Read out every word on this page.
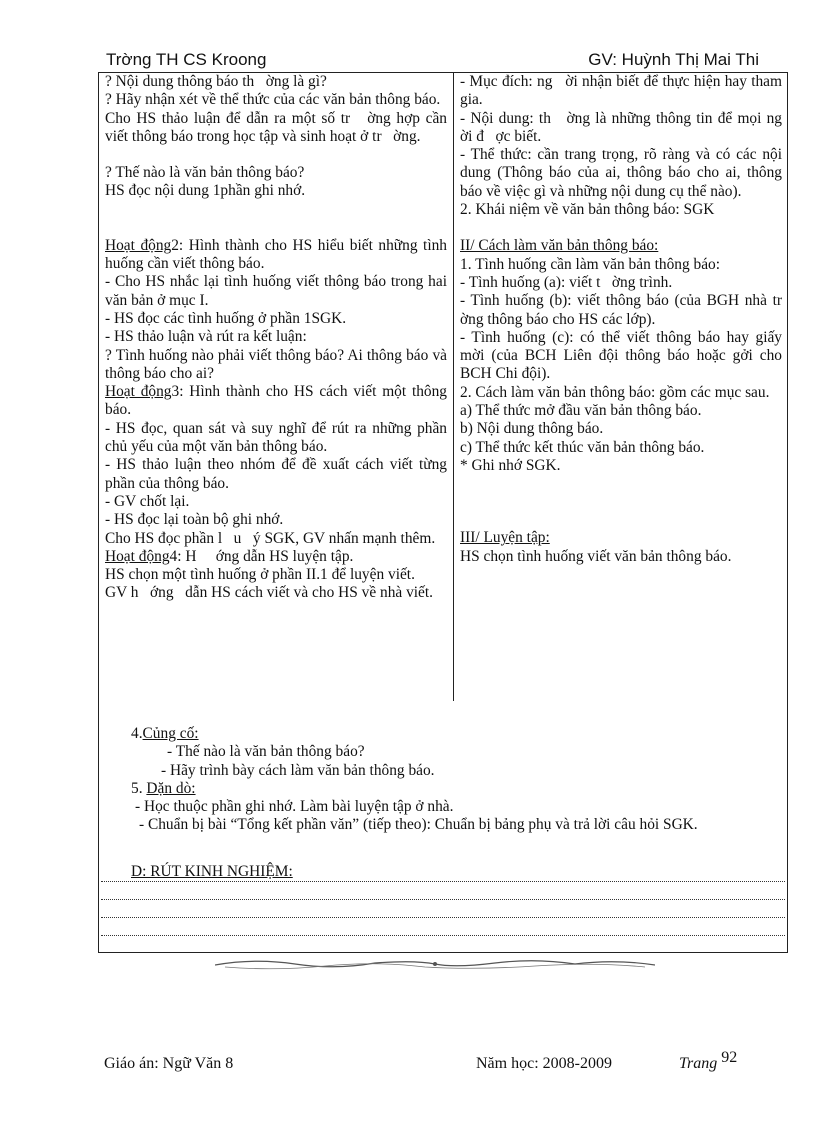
Trờng TH CS Kroong	GV: Huỳnh Thị Mai Thi

? Nội dung thông báo th   ờng là gì?

? Hãy nhận xét về thể thức của các văn bản thông báo.

Cho HS thảo luận để dẫn ra một số tr   ờng hợp cần viết thông báo trong học tập và sinh hoạt ở tr   ờng.

? Thế nào là văn bản thông báo?

HS đọc nội dung 1phần ghi nhớ.

Hoạt động2: Hình thành cho HS hiểu biết những tình huống cần viết thông báo.

- Cho HS nhắc lại tình huống viết thông báo trong hai văn bản ở mục I.

- HS đọc các tình huống ở phần 1SGK.

- HS thảo luận và rút ra kết luận:

? Tình huống nào phải viết thông báo? Ai thông báo và thông báo cho ai?

Hoạt động3: Hình thành cho HS cách viết một thông báo.

- HS đọc, quan sát và suy nghĩ để rút ra những phần chủ yếu của một văn bản thông báo.

- HS thảo luận theo nhóm để đề xuất cách viết từng phần của thông báo.

- GV chốt lại.

- HS đọc lại toàn bộ ghi nhớ.

Cho HS đọc phần l   u   ý SGK, GV nhấn mạnh thêm.

Hoạt động4: H     ớng dẫn HS luyện tập.

HS chọn một tình huống ở phần II.1 để luyện viết.

GV h   ớng   dẫn HS cách viết và cho HS về nhà viết.

- Mục đích: ng   ời nhận biết để thực hiện hay tham gia.

- Nội dung: th   ờng là những thông tin để mọi ng   ời đ   ợc biết.

- Thể thức: cần trang trọng, rõ ràng và có các nội dung (Thông báo của ai, thông báo cho ai, thông báo về việc gì và những nội dung cụ thể nào).

2. Khái niệm về văn bản thông báo: SGK

II/ Cách làm văn bản thông báo:

1. Tình huống cần làm văn bản thông báo:

- Tình huống (a): viết t   ờng trình.

- Tình huống (b): viết thông báo (của BGH nhà tr   ờng thông báo cho HS các lớp).

- Tình huống (c): có thể viết thông báo hay giấy mời (của BCH Liên đội thông báo hoặc gởi cho BCH Chi đội).

2. Cách làm văn bản thông báo: gồm các mục sau.

a) Thể thức mở đầu văn bản thông báo.

b) Nội dung thông báo.

c) Thể thức kết thúc văn bản thông báo.

* Ghi nhớ SGK.

III/ Luyện tập:

HS chọn tình huống viết văn bản thông báo.

4.Củng cố:

- Thế nào là văn bản thông báo?

- Hãy trình bày cách làm văn bản thông báo.

5. Dặn dò:

- Học thuộc phần ghi nhớ. Làm bài luyện tập ở nhà.

- Chuẩn bị bài “Tổng kết phần văn” (tiếp theo): Chuẩn bị bảng phụ và trả lời câu hỏi SGK.

D: RÚT KINH NGHIỆM:
Giáo án: Ngữ Văn 8	Năm học: 2008-2009	Trang 92
